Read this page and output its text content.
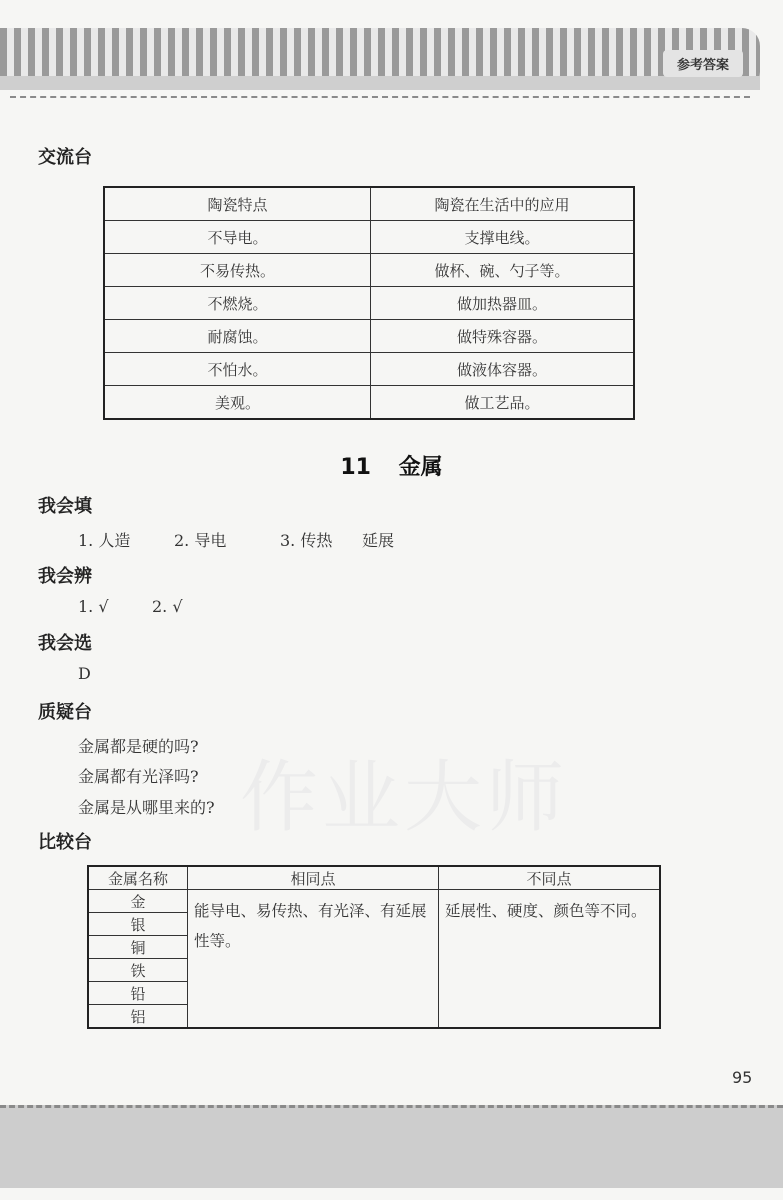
参考答案
作业大师
交流台
陶瓷特点	陶瓷在生活中的应用
不导电。	支撑电线。
不易传热。	做杯、碗、勺子等。
不燃烧。	做加热器皿。
耐腐蚀。	做特殊容器。
不怕水。	做液体容器。
美观。	做工艺品。
11 金属
我会填
1. 人造	2. 导电	3. 传热 延展
我会辨
1. √	2. √
我会选
D
质疑台
金属都是硬的吗?
金属都有光泽吗?
金属是从哪里来的?
比较台
金属名称	相同点	不同点
金	能导电、易传热、有光泽、有延展性等。	延展性、硬度、颜色等不同。
银		
铜		
铁		
铅		
铝		
95
